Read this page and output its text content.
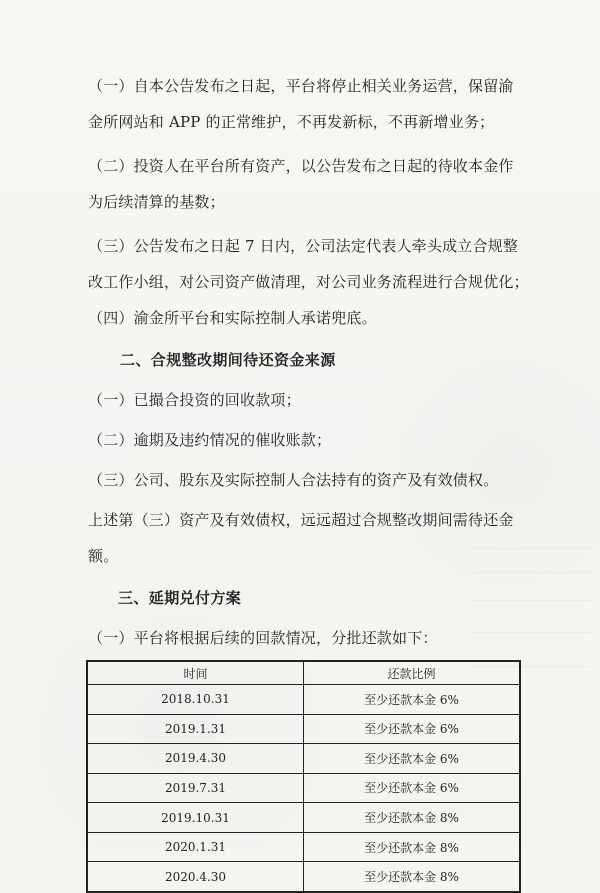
（一）自本公告发布之日起，平台将停止相关业务运营，保留渝
金所网站和 APP 的正常维护，不再发新标，不再新增业务；
（二）投资人在平台所有资产，以公告发布之日起的待收本金作
为后续清算的基数；
（三）公告发布之日起 7 日内，公司法定代表人牵头成立合规整
改工作小组，对公司资产做清理，对公司业务流程进行合规优化；
（四）渝金所平台和实际控制人承诺兜底。
二、合规整改期间待还资金来源
（一）已撮合投资的回收款项；
（二）逾期及违约情况的催收账款；
（三）公司、股东及实际控制人合法持有的资产及有效债权。
上述第（三）资产及有效债权，远远超过合规整改期间需待还金
额。
三、延期兑付方案
（一）平台将根据后续的回款情况，分批还款如下：
时间	还款比例
2018.10.31	至少还款本金 6%
2019.1.31	至少还款本金 6%
2019.4.30	至少还款本金 6%
2019.7.31	至少还款本金 6%
2019.10.31	至少还款本金 8%
2020.1.31	至少还款本金 8%
2020.4.30	至少还款本金 8%
